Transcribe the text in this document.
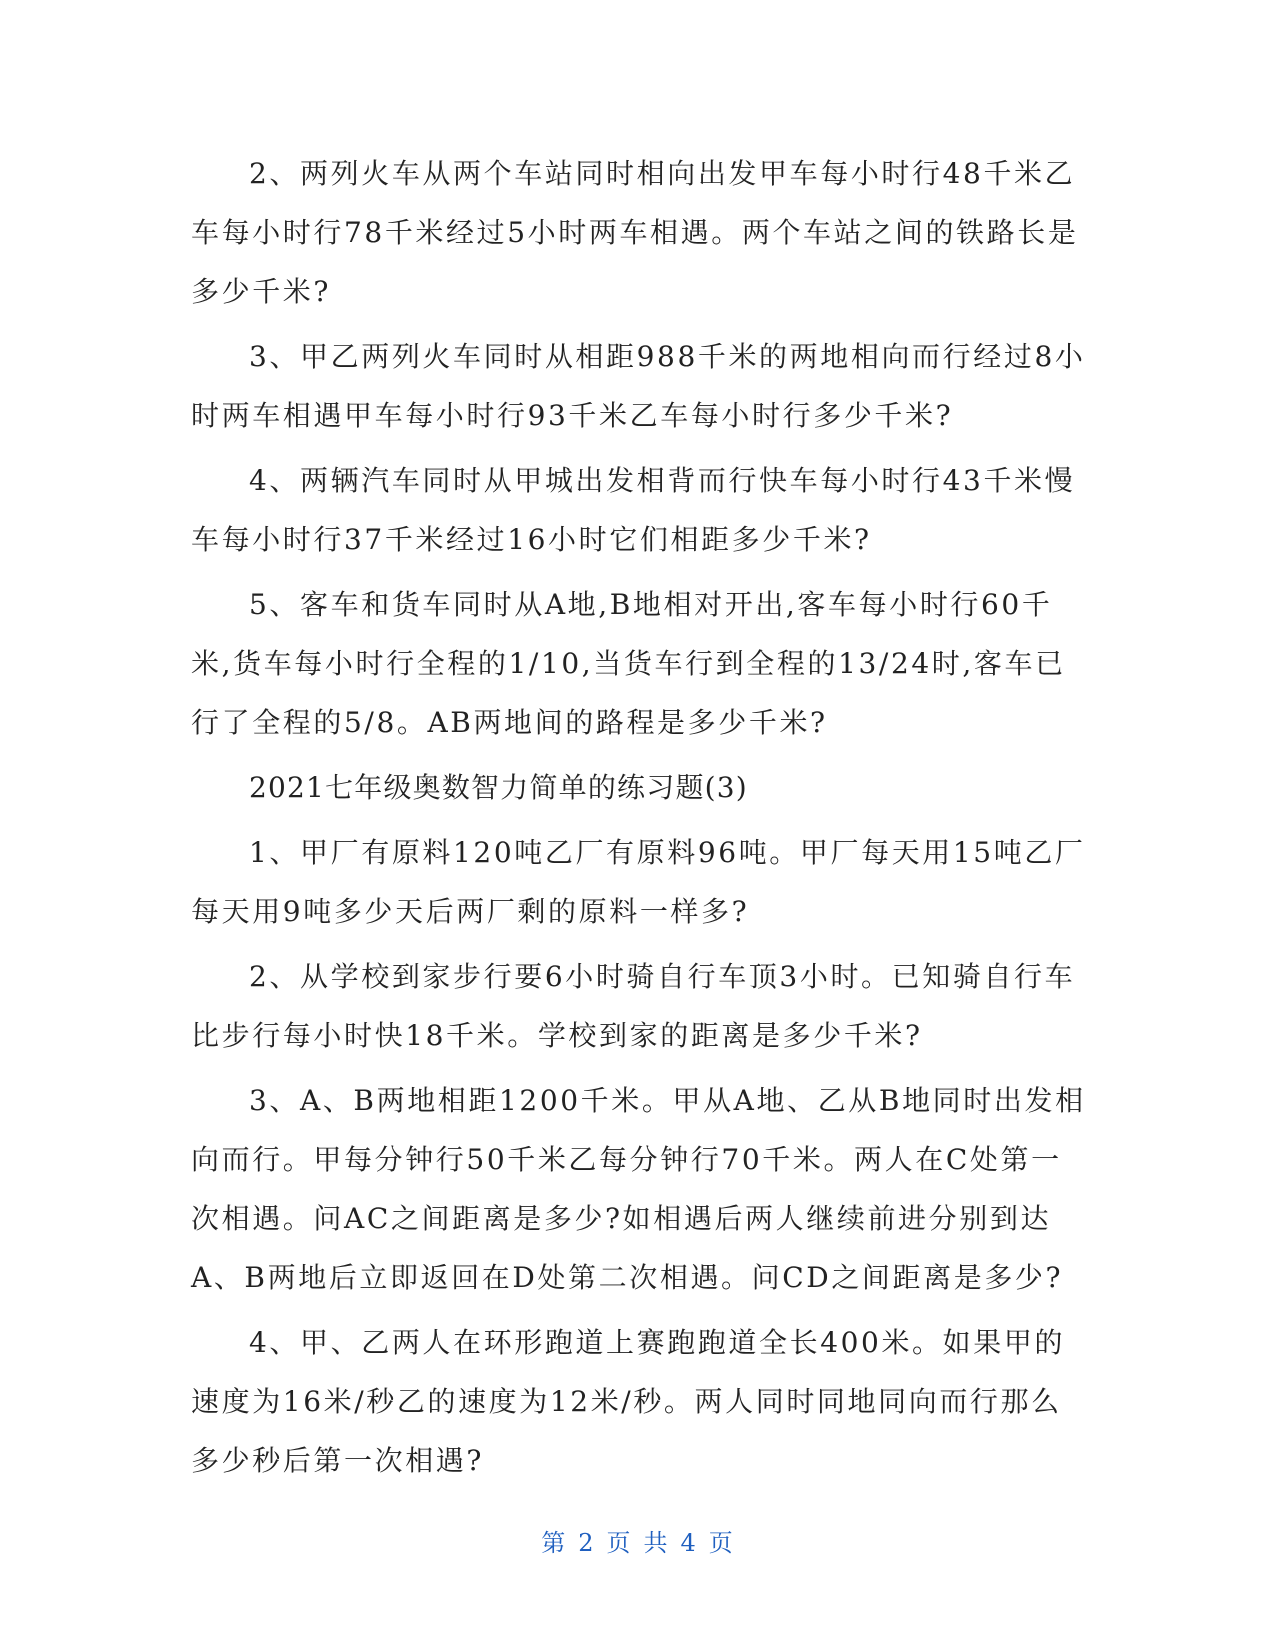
2、两列火车从两个车站同时相向出发甲车每小时行48千米乙车每小时行78千米经过5小时两车相遇。两个车站之间的铁路长是多少千米?

3、甲乙两列火车同时从相距988千米的两地相向而行经过8小时两车相遇甲车每小时行93千米乙车每小时行多少千米?

4、两辆汽车同时从甲城出发相背而行快车每小时行43千米慢车每小时行37千米经过16小时它们相距多少千米?

5、客车和货车同时从A地,B地相对开出,客车每小时行60千米,货车每小时行全程的1/10,当货车行到全程的13/24时,客车已行了全程的5/8。AB两地间的路程是多少千米?

2021七年级奥数智力简单的练习题(3)

1、甲厂有原料120吨乙厂有原料96吨。甲厂每天用15吨乙厂每天用9吨多少天后两厂剩的原料一样多?

2、从学校到家步行要6小时骑自行车顶3小时。已知骑自行车比步行每小时快18千米。学校到家的距离是多少千米?

3、A、B两地相距1200千米。甲从A地、乙从B地同时出发相向而行。甲每分钟行50千米乙每分钟行70千米。两人在C处第一次相遇。问AC之间距离是多少?如相遇后两人继续前进分别到达A、B两地后立即返回在D处第二次相遇。问CD之间距离是多少?

4、甲、乙两人在环形跑道上赛跑跑道全长400米。如果甲的速度为16米/秒乙的速度为12米/秒。两人同时同地同向而行那么多少秒后第一次相遇?

第 2 页 共 4 页
